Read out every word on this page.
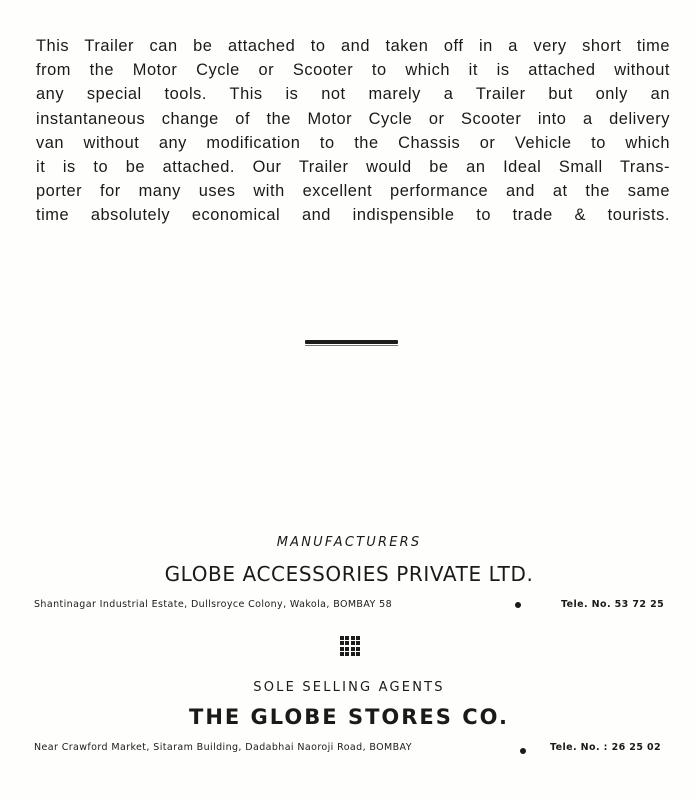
This Trailer can be attached to and taken off in a very short time
from the Motor Cycle or Scooter to which it is attached without
any special tools. This is not marely a Trailer but only an
instantaneous change of the Motor Cycle or Scooter into a delivery
van without any modification to the Chassis or Vehicle to which
it is to be attached. Our Trailer would be an Ideal Small Trans-
porter for many uses with excellent performance and at the same
time absolutely economical and indispensible to trade & tourists.
MANUFACTURERS
GLOBE ACCESSORIES PRIVATE LTD.
Shantinagar Industrial Estate, Dullsroyce Colony, Wakola, BOMBAY 58	Tele. No. 53 72 25
SOLE SELLING AGENTS
THE GLOBE STORES CO.
Near Crawford Market, Sitaram Building, Dadabhai Naoroji Road, BOMBAY	Tele. No. : 26 25 02
